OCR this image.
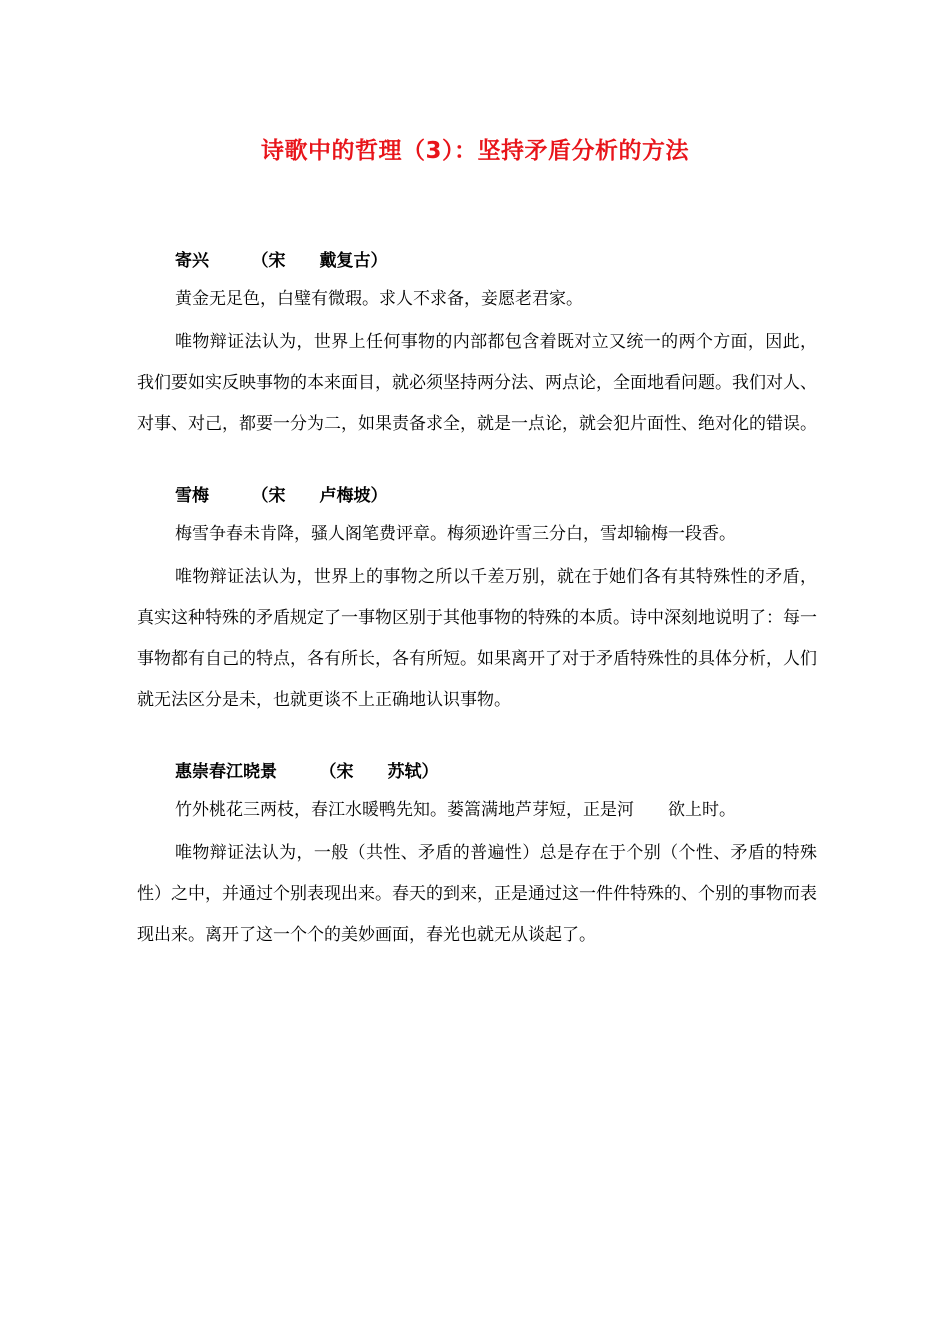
诗歌中的哲理（3）：坚持矛盾分析的方法
寄兴　　　	（宋　　戴复古）

黄金无足色，白璧有微瑕。求人不求备，妾愿老君家。

唯物辩证法认为，世界上任何事物的内部都包含着既对立又统一的两个方面，因此，我们要如实反映事物的本来面目，就必须坚持两分法、两点论，全面地看问题。我们对人、对事、对己，都要一分为二，如果责备求全，就是一点论，就会犯片面性、绝对化的错误。

雪梅　　　	（宋　　卢梅坡）

梅雪争春未肯降，骚人阁笔费评章。梅须逊许雪三分白，雪却输梅一段香。

唯物辩证法认为，世界上的事物之所以千差万别，就在于她们各有其特殊性的矛盾，真实这种特殊的矛盾规定了一事物区别于其他事物的特殊的本质。诗中深刻地说明了：每一事物都有自己的特点，各有所长，各有所短。如果离开了对于矛盾特殊性的具体分析，人们就无法区分是未，也就更谈不上正确地认识事物。

惠崇春江晓景　　　	（宋　　苏轼）

竹外桃花三两枝，春江水暖鸭先知。蒌篙满地芦芽短，正是河　　欲上时。

唯物辩证法认为，一般（共性、矛盾的普遍性）总是存在于个别（个性、矛盾的特殊性）之中，并通过个别表现出来。春天的到来，正是通过这一件件特殊的、个别的事物而表现出来。离开了这一个个的美妙画面，春光也就无从谈起了。
